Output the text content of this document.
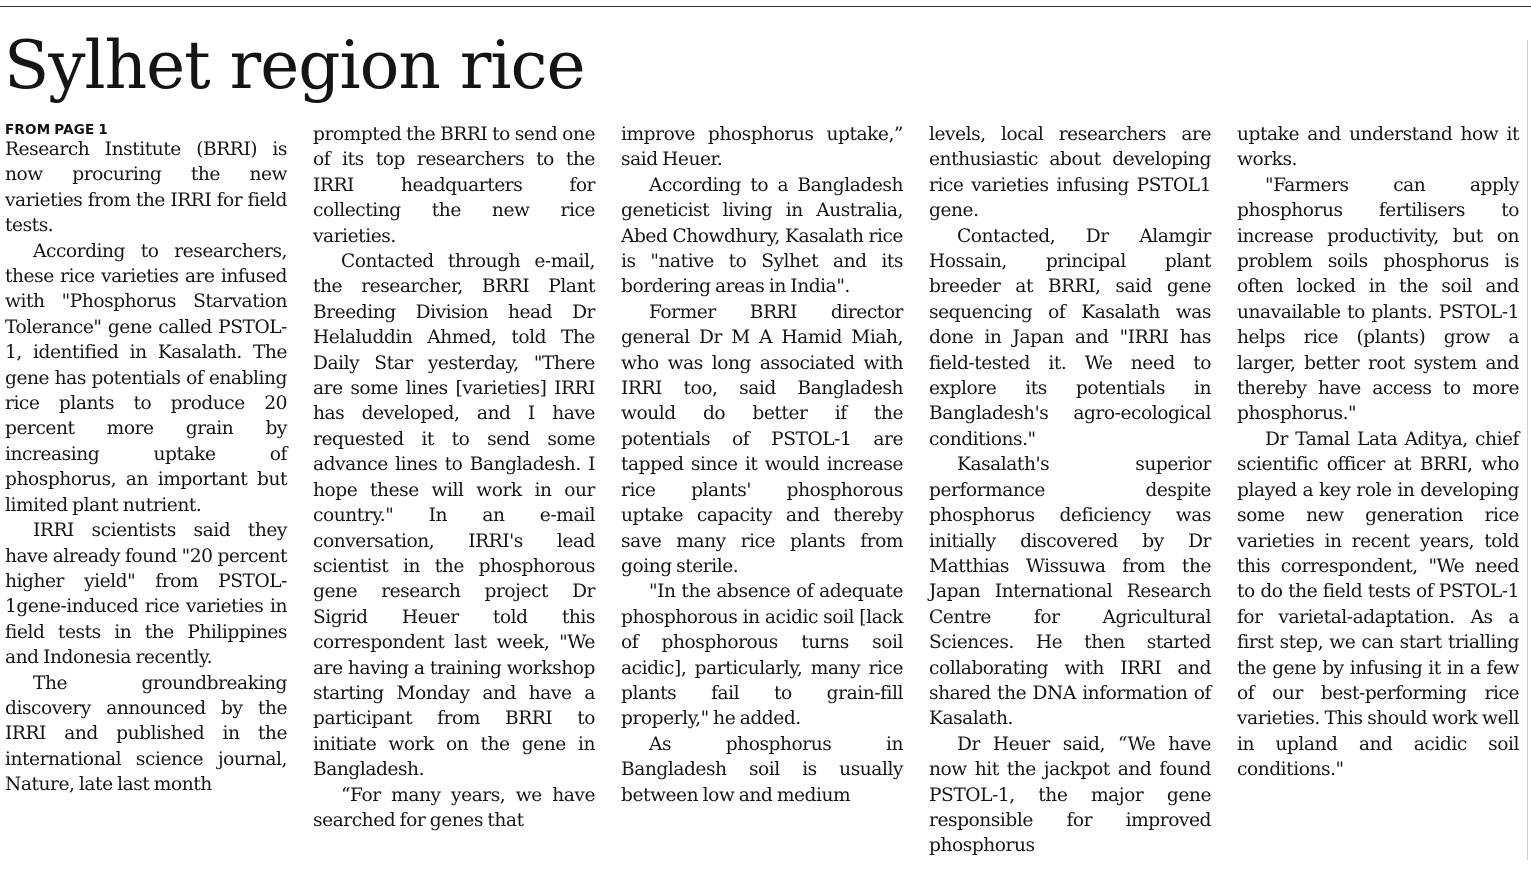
Sylhet region rice
FROM PAGE 1

Research Institute (BRRI) is now procuring the new varieties from the IRRI for field tests.

According to researchers, these rice varieties are infused with "Phosphorus Starvation Tolerance" gene called PSTOL-1, identified in Kasalath. The gene has potentials of enabling rice plants to produce 20 percent more grain by increasing uptake of phosphorus, an important but limited plant nutrient.

IRRI scientists said they have already found "20 percent higher yield" from PSTOL-1gene-induced rice varieties in field tests in the Philippines and Indonesia recently.

The groundbreaking discovery announced by the IRRI and published in the international science journal, Nature, late last month

prompted the BRRI to send one of its top researchers to the IRRI headquarters for collecting the new rice varieties.

Contacted through e-mail, the researcher, BRRI Plant Breeding Division head Dr Helaluddin Ahmed, told The Daily Star yesterday, "There are some lines [varieties] IRRI has developed, and I have requested it to send some advance lines to Bangladesh. I hope these will work in our country." In an e-mail conversation, IRRI's lead scientist in the phosphorous gene research project Dr Sigrid Heuer told this correspondent last week, "We are having a training workshop starting Monday and have a participant from BRRI to initiate work on the gene in Bangladesh.

“For many years, we have searched for genes that

improve phosphorus uptake,” said Heuer.

According to a Bangladesh geneticist living in Australia, Abed Chowdhury, Kasalath rice is "native to Sylhet and its bordering areas in India".

Former BRRI director general Dr M A Hamid Miah, who was long associated with IRRI too, said Bangladesh would do better if the potentials of PSTOL-1 are tapped since it would increase rice plants' phosphorous uptake capacity and thereby save many rice plants from going sterile.

"In the absence of adequate phosphorous in acidic soil [lack of phosphorous turns soil acidic], particularly, many rice plants fail to grain-fill properly," he added.

As phosphorus in Bangladesh soil is usually between low and medium

levels, local researchers are enthusiastic about developing rice varieties infusing PSTOL1 gene.

Contacted, Dr Alamgir Hossain, principal plant breeder at BRRI, said gene sequencing of Kasalath was done in Japan and "IRRI has field-tested it. We need to explore its potentials in Bangladesh's agro-ecological conditions."

Kasalath's superior performance despite phosphorus deficiency was initially discovered by Dr Matthias Wissuwa from the Japan International Research Centre for Agricultural Sciences. He then started collaborating with IRRI and shared the DNA information of Kasalath.

Dr Heuer said, “We have now hit the jackpot and found PSTOL-1, the major gene responsible for improved phosphorus

uptake and understand how it works.

"Farmers can apply phosphorus fertilisers to increase productivity, but on problem soils phosphorus is often locked in the soil and unavailable to plants. PSTOL-1 helps rice (plants) grow a larger, better root system and thereby have access to more phosphorus."

Dr Tamal Lata Aditya, chief scientific officer at BRRI, who played a key role in developing some new generation rice varieties in recent years, told this correspondent, "We need to do the field tests of PSTOL-1 for varietal-adaptation. As a first step, we can start trialling the gene by infusing it in a few of our best-performing rice varieties. This should work well in upland and acidic soil conditions."
